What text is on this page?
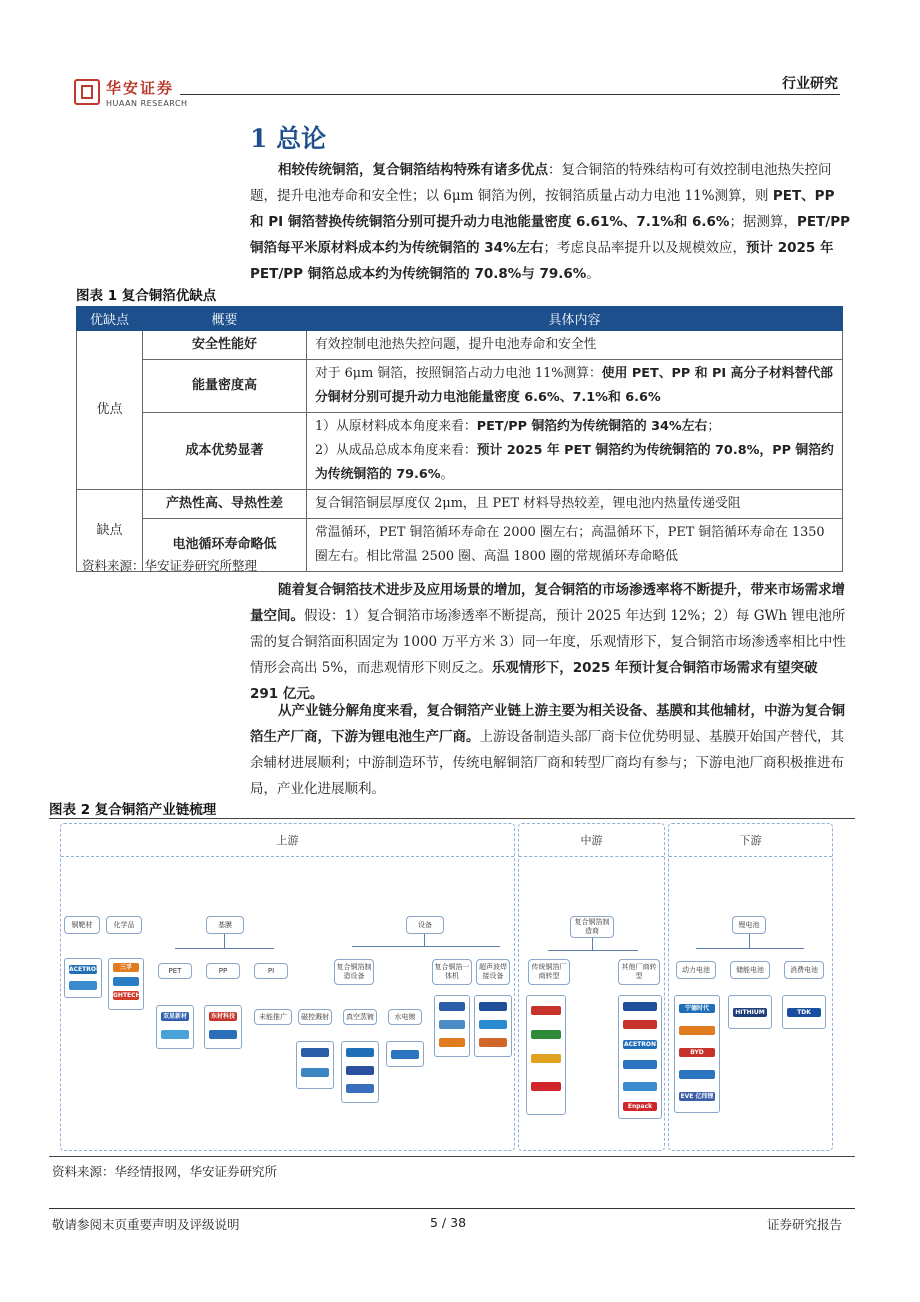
华安证券
HUAAN RESEARCH
行业研究
1 总论
相较传统铜箔，复合铜箔结构特殊有诸多优点：复合铜箔的特殊结构可有效控制电池热失控问题，提升电池寿命和安全性；以 6μm 铜箔为例，按铜箔质量占动力电池 11%测算，则 PET、PP 和 PI 铜箔替换传统铜箔分别可提升动力电池能量密度 6.61%、7.1%和 6.6%；据测算，PET/PP 铜箔每平米原材料成本约为传统铜箔的 34%左右；考虑良品率提升以及规模效应，预计 2025 年 PET/PP 铜箔总成本约为传统铜箔的 70.8%与 79.6%。
图表 1 复合铜箔优缺点
优缺点	概要	具体内容
优点	安全性能好	有效控制电池热失控问题，提升电池寿命和安全性
	能量密度高	对于 6μm 铜箔，按照铜箔占动力电池 11%测算：使用 PET、PP 和 PI 高分子材料替代部分铜材分别可提升动力电池能量密度 6.6%、7.1%和 6.6%
	成本优势显著	1）从原材料成本角度来看：PET/PP 铜箔约为传统铜箔的 34%左右；
2）从成品总成本角度来看：预计 2025 年 PET 铜箔约为传统铜箔的 70.8%，PP 铜箔约为传统铜箔的 79.6%。
缺点	产热性高、导热性差	复合铜箔铜层厚度仅 2μm，且 PET 材料导热较差，锂电池内热量传递受阻
	电池循环寿命略低	常温循环，PET 铜箔循环寿命在 2000 圈左右；高温循环下，PET 铜箔循环寿命在 1350 圈左右。相比常温 2500 圈、高温 1800 圈的常规循环寿命略低
资料来源：华安证券研究所整理
随着复合铜箔技术进步及应用场景的增加，复合铜箔的市场渗透率将不断提升，带来市场需求增量空间。假设：1）复合铜箔市场渗透率不断提高，预计 2025 年达到 12%；2）每 GWh 锂电池所需的复合铜箔面积固定为 1000 万平方米 3）同一年度，乐观情形下，复合铜箔市场渗透率相比中性情形会高出 5%，而悲观情形下则反之。乐观情形下，2025 年预计复合铜箔市场需求有望突破 291 亿元。
从产业链分解角度来看，复合铜箔产业链上游主要为相关设备、基膜和其他辅材，中游为复合铜箔生产厂商，下游为锂电池生产厂商。上游设备制造头部厂商卡位优势明显、基膜开始国产替代，其余辅材进展顺利；中游制造环节，传统电解铜箔厂商和转型厂商均有参与；下游电池厂商积极推进布局，产业化进展顺利。
图表 2 复合铜箔产业链梳理
上游	中游	下游
铜靶材	化学品	基膜	设备
ACETRON	三孚
GHTECH
PET	PP	PI	复合铜箔制造设备
复合铜箔一体机
超声波焊接设备
双星新材	东材科技	未能推广	磁控溅射	真空蒸镀	水电镀
复合铜箔制造商
传统铜箔厂商转型
其他厂商转型
ACETRON
Enpack
锂电池
动力电池	储能电池	消费电池
宁德时代
BYD
EVE 亿纬锂能
HITHIUM	TDK
资料来源：华经情报网，华安证券研究所
敬请参阅末页重要声明及评级说明	5 / 38	证券研究报告
